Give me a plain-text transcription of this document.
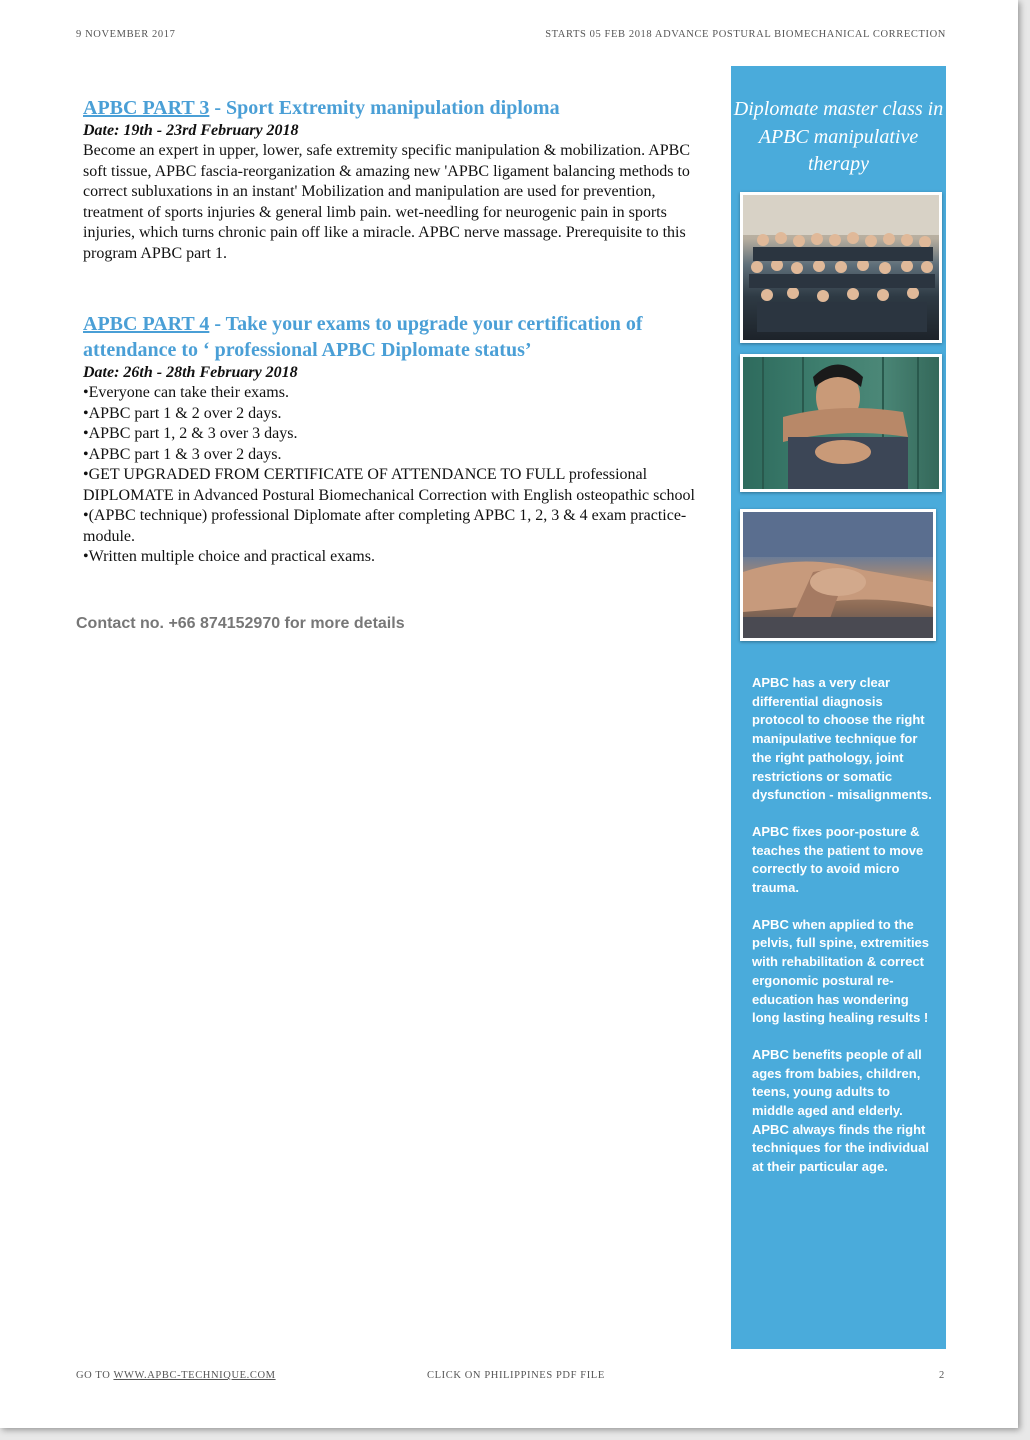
9 NOVEMBER 2017	STARTS 05 FEB 2018 ADVANCE POSTURAL BIOMECHANICAL CORRECTION
APBC PART 3 - Sport Extremity manipulation diploma

Date: 19th - 23rd February 2018

Become an expert in upper, lower, safe extremity specific manipulation & mobilization. APBC soft tissue, APBC fascia-reorganization & amazing new 'APBC ligament balancing methods to correct subluxations in an instant' Mobilization and manipulation are used for prevention, treatment of sports injuries & general limb pain. wet-needling for neurogenic pain in sports injuries, which turns chronic pain off like a miracle. APBC nerve massage. Prerequisite to this program APBC part 1.

APBC PART 4 - Take your exams to upgrade your certification of attendance to ‘ professional APBC Diplomate status’

Date: 26th - 28th February 2018

•Everyone can take their exams.
•APBC part 1 & 2 over 2 days.
•APBC part 1, 2 & 3 over 3 days.
•APBC part 1 & 3 over 2 days.
•GET UPGRADED FROM CERTIFICATE OF ATTENDANCE TO FULL professional DIPLOMATE in Advanced Postural Biomechanical Correction with English osteopathic school
•(APBC technique) professional Diplomate after completing APBC 1, 2, 3 & 4 exam practice-module.
•Written multiple choice and practical exams.
Contact no. +66 874152970 for more details
Diplomate master class in APBC manipulative therapy

APBC has a very clear differential diagnosis protocol to choose the right manipulative technique for the right pathology, joint restrictions or somatic dysfunction - misalignments.

APBC fixes poor-posture & teaches the patient to move correctly to avoid micro trauma.

APBC when applied to the pelvis, full spine, extremities with rehabilitation & correct ergonomic postural re-education has wondering long lasting healing results !

APBC benefits people of all ages from babies, children, teens, young adults to middle aged and elderly. APBC always finds the right techniques for the individual at their particular age.

GO TO WWW.APBC-TECHNIQUE.COM	CLICK ON PHILIPPINES PDF FILE	2
